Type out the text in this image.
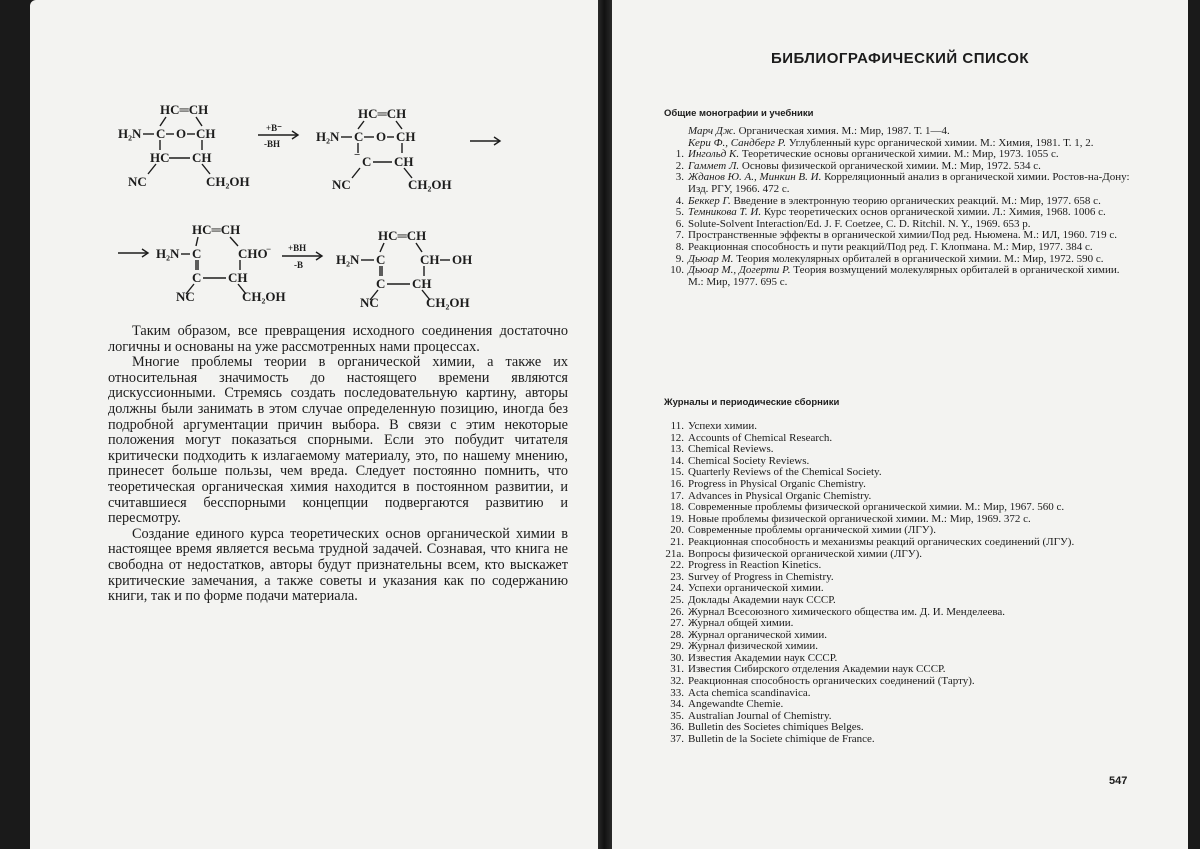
HC═CH
H₂N C O CH
HC CH
NC	CH₂OH
+B⁻
-BH
HC═CH
H₂N C O CH
− C CH
NC	CH₂OH
HC═CH
H₂N C	CHO
−
C CH
NC	CH₂OH
+BH
-B
HC═CH
H₂N C	CH OH
C CH
NC	CH₂OH

Таким образом, все превращения исходного соединения достаточно логичны и основаны на уже рассмотренных нами процессах.

Многие проблемы теории в органической химии, а также их относительная значимость до настоящего времени являются дискуссионными. Стремясь создать последовательную картину, авторы должны были занимать в этом случае определенную позицию, иногда без подробной аргументации причин выбора. В связи с этим некоторые положения могут показаться спорными. Если это побудит читателя критически подходить к излагаемому материалу, это, по нашему мнению, принесет больше пользы, чем вреда. Следует постоянно помнить, что теоретическая органическая химия находится в постоянном развитии, и считавшиеся бесспорными концепции подвергаются развитию и пересмотру.

Создание единого курса теоретических основ органической химии в настоящее время является весьма трудной задачей. Сознавая, что книга не свободна от недостатков, авторы будут признательны всем, кто выскажет критические замечания, а также советы и указания как по содержанию книги, так и по форме подачи материала.

БИБЛИОГРАФИЧЕСКИЙ СПИСОК
Общие монографии и учебники
Марч Дж. Органическая химия. М.: Мир, 1987. Т. 1—4.
Кери Ф., Сандберг Р. Углубленный курс органической химии. М.: Химия, 1981. Т. 1, 2.
1. Ингольд К. Теоретические основы органической химии. М.: Мир, 1973. 1055 с.
2. Гаммет Л. Основы физической органической химии. М.: Мир, 1972. 534 с.
3. Жданов Ю. А., Минкин В. И. Корреляционный анализ в органической химии. Ростов-на-Дону: Изд. РГУ, 1966. 472 с.
4. Беккер Г. Введение в электронную теорию органических реакций. М.: Мир, 1977. 658 с.
5. Темникова Т. И. Курс теоретических основ органической химии. Л.: Химия, 1968. 1006 с.
6. Solute-Solvent Interaction/Ed. J. F. Coetzee, C. D. Ritchil. N. Y., 1969. 653 p.
7. Пространственные эффекты в органической химии/Под ред. Ньюмена. М.: ИЛ, 1960. 719 с.
8. Реакционная способность и пути реакций/Под ред. Г. Клопмана. М.: Мир, 1977. 384 с.
9. Дьюар М. Теория молекулярных орбиталей в органической химии. М.: Мир, 1972. 590 с.
10. Дьюар М., Догерти Р. Теория возмущений молекулярных орбиталей в органической химии. М.: Мир, 1977. 695 с.
Журналы и периодические сборники
11. Успехи химии.
12. Accounts of Chemical Research.
13. Chemical Reviews.
14. Chemical Society Reviews.
15. Quarterly Reviews of the Chemical Society.
16. Progress in Physical Organic Chemistry.
17. Advances in Physical Organic Chemistry.
18. Современные проблемы физической органической химии. М.: Мир, 1967. 560 с.
19. Новые проблемы физической органической химии. М.: Мир, 1969. 372 с.
20. Современные проблемы органической химии (ЛГУ).
21. Реакционная способность и механизмы реакций органических соединений (ЛГУ).
21а. Вопросы физической органической химии (ЛГУ).
22. Progress in Reaction Kinetics.
23. Survey of Progress in Chemistry.
24. Успехи органической химии.
25. Доклады Академии наук СССР.
26. Журнал Всесоюзного химического общества им. Д. И. Менделеева.
27. Журнал общей химии.
28. Журнал органической химии.
29. Журнал физической химии.
30. Известия Академии наук СССР.
31. Известия Сибирского отделения Академии наук СССР.
32. Реакционная способность органических соединений (Тарту).
33. Acta chemica scandinavica.
34. Angewandte Chemie.
35. Australian Journal of Chemistry.
36. Bulletin des Societes chimiques Belges.
37. Bulletin de la Societe chimique de France.
547
